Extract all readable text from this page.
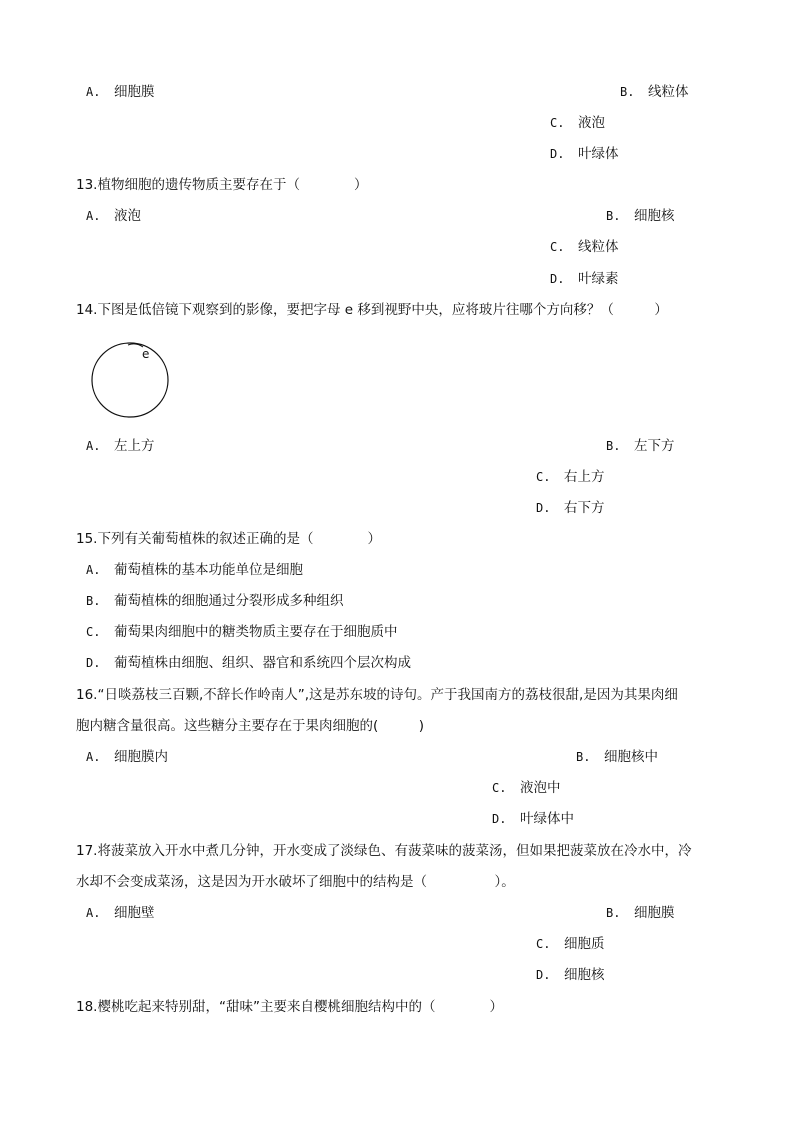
A. 细胞膜	B. 线粒体
C. 液泡
D. 叶绿体
13.植物细胞的遗传物质主要存在于（　　　　）
A. 液泡	B. 细胞核
C. 线粒体
D. 叶绿素
14.下图是低倍镜下观察到的影像，要把字母 e 移到视野中央，应将玻片往哪个方向移？（　　　）
e
A. 左上方	B. 左下方
C. 右上方
D. 右下方
15.下列有关葡萄植株的叙述正确的是（　　　　）
A. 葡萄植株的基本功能单位是细胞
B. 葡萄植株的细胞通过分裂形成多种组织
C. 葡萄果肉细胞中的糖类物质主要存在于细胞质中
D. 葡萄植株由细胞、组织、器官和系统四个层次构成
16.“日啖荔枝三百颗,不辞长作岭南人”,这是苏东坡的诗句。产于我国南方的荔枝很甜,是因为其果肉细
胞内糖含量很高。这些糖分主要存在于果肉细胞的(　　　)
A. 细胞膜内	B. 细胞核中
C. 液泡中
D. 叶绿体中
17.将菠菜放入开水中煮几分钟，开水变成了淡绿色、有菠菜味的菠菜汤，但如果把菠菜放在冷水中，冷
水却不会变成菜汤，这是因为开水破坏了细胞中的结构是（　　　　　）。
A. 细胞壁	B. 细胞膜
C. 细胞质
D. 细胞核
18.樱桃吃起来特别甜，“甜味”主要来自樱桃细胞结构中的（　　　　）
